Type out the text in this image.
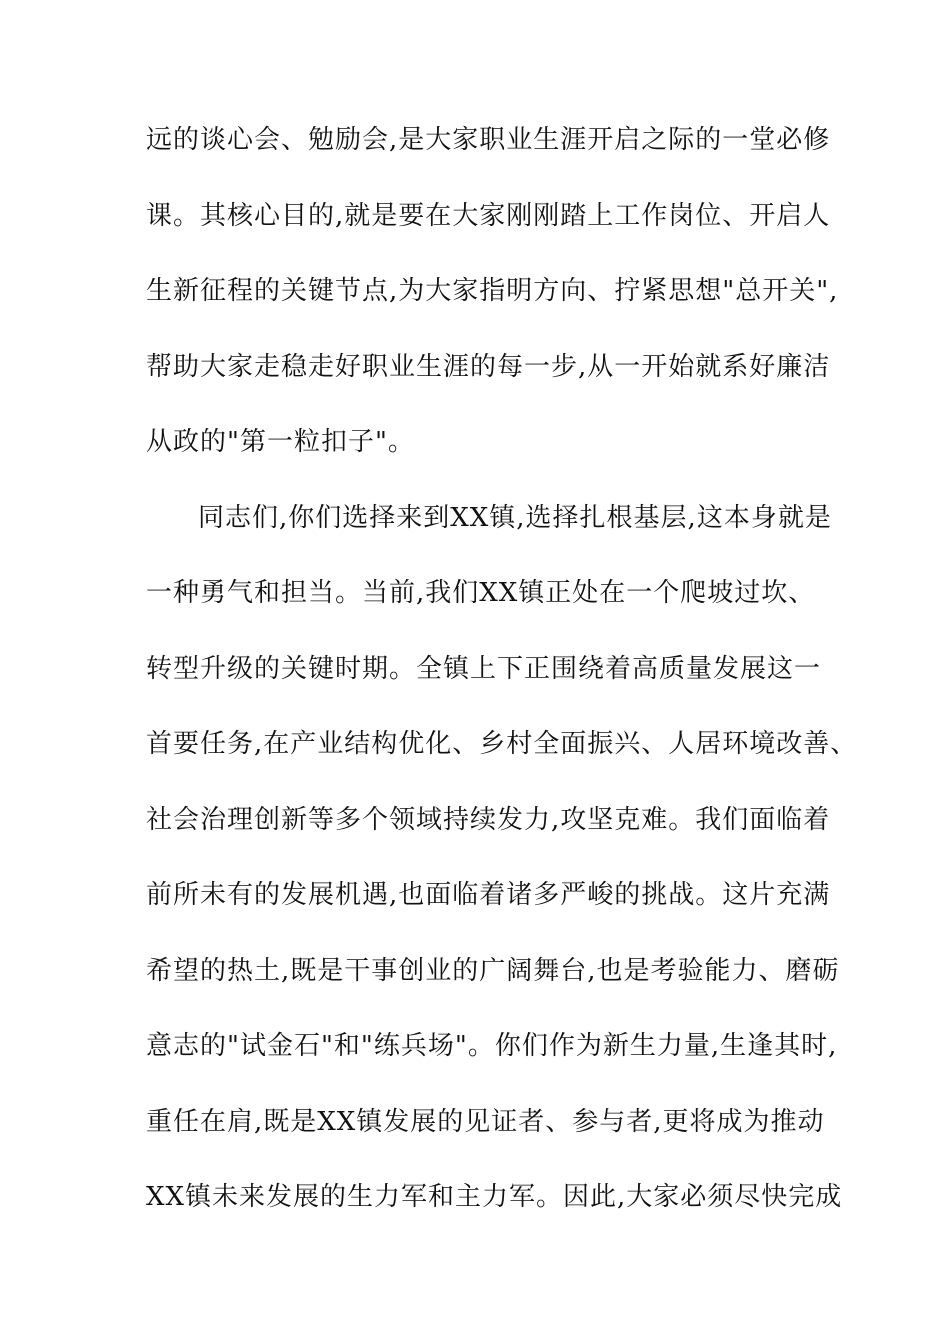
远的谈心会、勉励会,是大家职业生涯开启之际的一堂必修
课。其核心目的,就是要在大家刚刚踏上工作岗位、开启人
生新征程的关键节点,为大家指明方向、拧紧思想"总开关",
帮助大家走稳走好职业生涯的每一步,从一开始就系好廉洁
从政的"第一粒扣子"。
同志们,你们选择来到XX镇,选择扎根基层,这本身就是
一种勇气和担当。当前,我们XX镇正处在一个爬坡过坎、
转型升级的关键时期。全镇上下正围绕着高质量发展这一
首要任务,在产业结构优化、乡村全面振兴、人居环境改善、
社会治理创新等多个领域持续发力,攻坚克难。我们面临着
前所未有的发展机遇,也面临着诸多严峻的挑战。这片充满
希望的热土,既是干事创业的广阔舞台,也是考验能力、磨砺
意志的"试金石"和"练兵场"。你们作为新生力量,生逢其时,
重任在肩,既是XX镇发展的见证者、参与者,更将成为推动
XX镇未来发展的生力军和主力军。因此,大家必须尽快完成
